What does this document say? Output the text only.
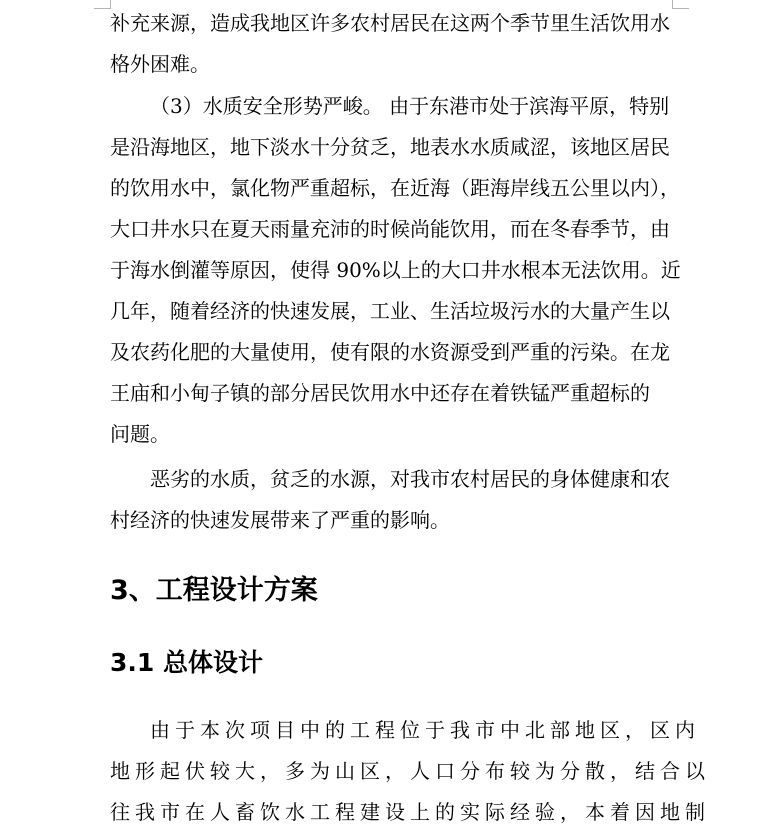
补充来源，造成我地区许多农村居民在这两个季节里生活饮用水
格外困难。
（3）水质安全形势严峻。 由于东港市处于滨海平原，特别
是沿海地区，地下淡水十分贫乏，地表水水质咸涩，该地区居民
的饮用水中，氯化物严重超标，在近海（距海岸线五公里以内），
大口井水只在夏天雨量充沛的时候尚能饮用，而在冬春季节，由
于海水倒灌等原因，使得 90%以上的大口井水根本无法饮用。近
几年，随着经济的快速发展，工业、生活垃圾污水的大量产生以
及农药化肥的大量使用，使有限的水资源受到严重的污染。在龙
王庙和小甸子镇的部分居民饮用水中还存在着铁锰严重超标的
问题。
恶劣的水质，贫乏的水源，对我市农村居民的身体健康和农
村经济的快速发展带来了严重的影响。
3、工程设计方案
3.1 总体设计
由于本次项目中的工程位于我市中北部地区，区内
地形起伏较大，多为山区，人口分布较为分散，结合以
往我市在人畜饮水工程建设上的实际经验，本着因地制
